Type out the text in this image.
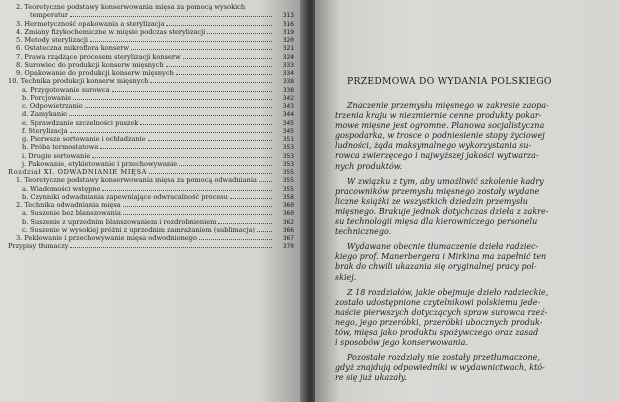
2. Teoretyczne podstawy konserwowania mięsa za pomocą wysokich
temperatur	313
3. Hermetyczność opakowania a sterylizacja	316
4. Zmiany fizykochemiczne w mięsie podczas sterylizacji	319
5. Metody sterylizacji	320
6. Ostateczna mikroflora konserw	321
7. Prawa rządzące procesem sterylizacji konserw	324
8. Surowiec do produkcji konserw mięsnych	333
9. Opakowanie do produkcji konserw mięsnych	334
10. Technika produkcji konserw mięsnych	338
a. Przygotowanie surowca	338
b. Porcjowanie	342
c. Odpowietrzanie	343
d. Zamykanie	344
e. Sprawdzanie szczelności puszek	345
f. Sterylizacja	345
g. Pierwsze sortowanie i ochładzanie	351
h. Próba termostatowa	353
i. Drugie sortowanie	353
j. Pakowanie, etykietowanie i przechowywanie	353
Rozdział XI. ODWADNIANIE MIĘSA	355
1. Teoretyczne podstawy konserwowania mięsa za pomocą odwadniania	355
a. Wiadomości wstępne	355
b. Czynniki odwadniania zapewniające odwracalność procesu	358
2. Technika odwadniania mięsa	360
a. Suszenie bez blanszowania	360
b. Suszenie z uprzednim blanszowaniem i rozdrobnieniem	362
c. Suszenie w wysokiej próżni z uprzednim zamrażaniem (sublimacja)	366
3. Peklowanie i przechowywanie mięsa odwodnionego	367
Przypisy tłumaczy	370
PRZEDMOWA DO WYDANIA POLSKIEGO
Znaczenie przemysłu mięsnego w zakresie zaopa-
trzenia kraju w niezmiernie cenne produkty pokar-
mowe mięsne jest ogromne. Planowa socjalistyczna
gospodarka, w trosce o podniesienie stopy życiowej
ludności, żąda maksymalnego wykorzystania su-
rowca zwierzęcego i najwyższej jakości wytwarza-
nych produktów.
W związku z tym, aby umożliwić szkolenie kadry
pracowników przemysłu mięsnego zostały wydane
liczne książki ze wszystkich dziedzin przemysłu
mięsnego. Brakuje jednak dotychczas dzieła z zakre-
su technologii mięsa dla kierowniczego personelu
technicznego.
Wydawane obecnie tłumaczenie dzieła radziec-
kiego prof. Manerbergera i Mirkina ma zapełnić ten
brak do chwili ukazania się oryginalnej pracy pol-
skiej.
Z 18 rozdziałów, jakie obejmuje dzieło radzieckie,
zostało udostępnione czytelnikowi polskiemu jede-
naście pierwszych dotyczących spraw surowca rzeź-
nego, jego przeróbki, przeróbki ubocznych produk-
tów, mięsa jako produktu spożywczego oraz zasad
i sposobów jego konserwowania.
Pozostałe rozdziały nie zostały przetłumaczone,
gdyż znajdują odpowiedniki w wydawnictwach, któ-
re się już ukazały.
